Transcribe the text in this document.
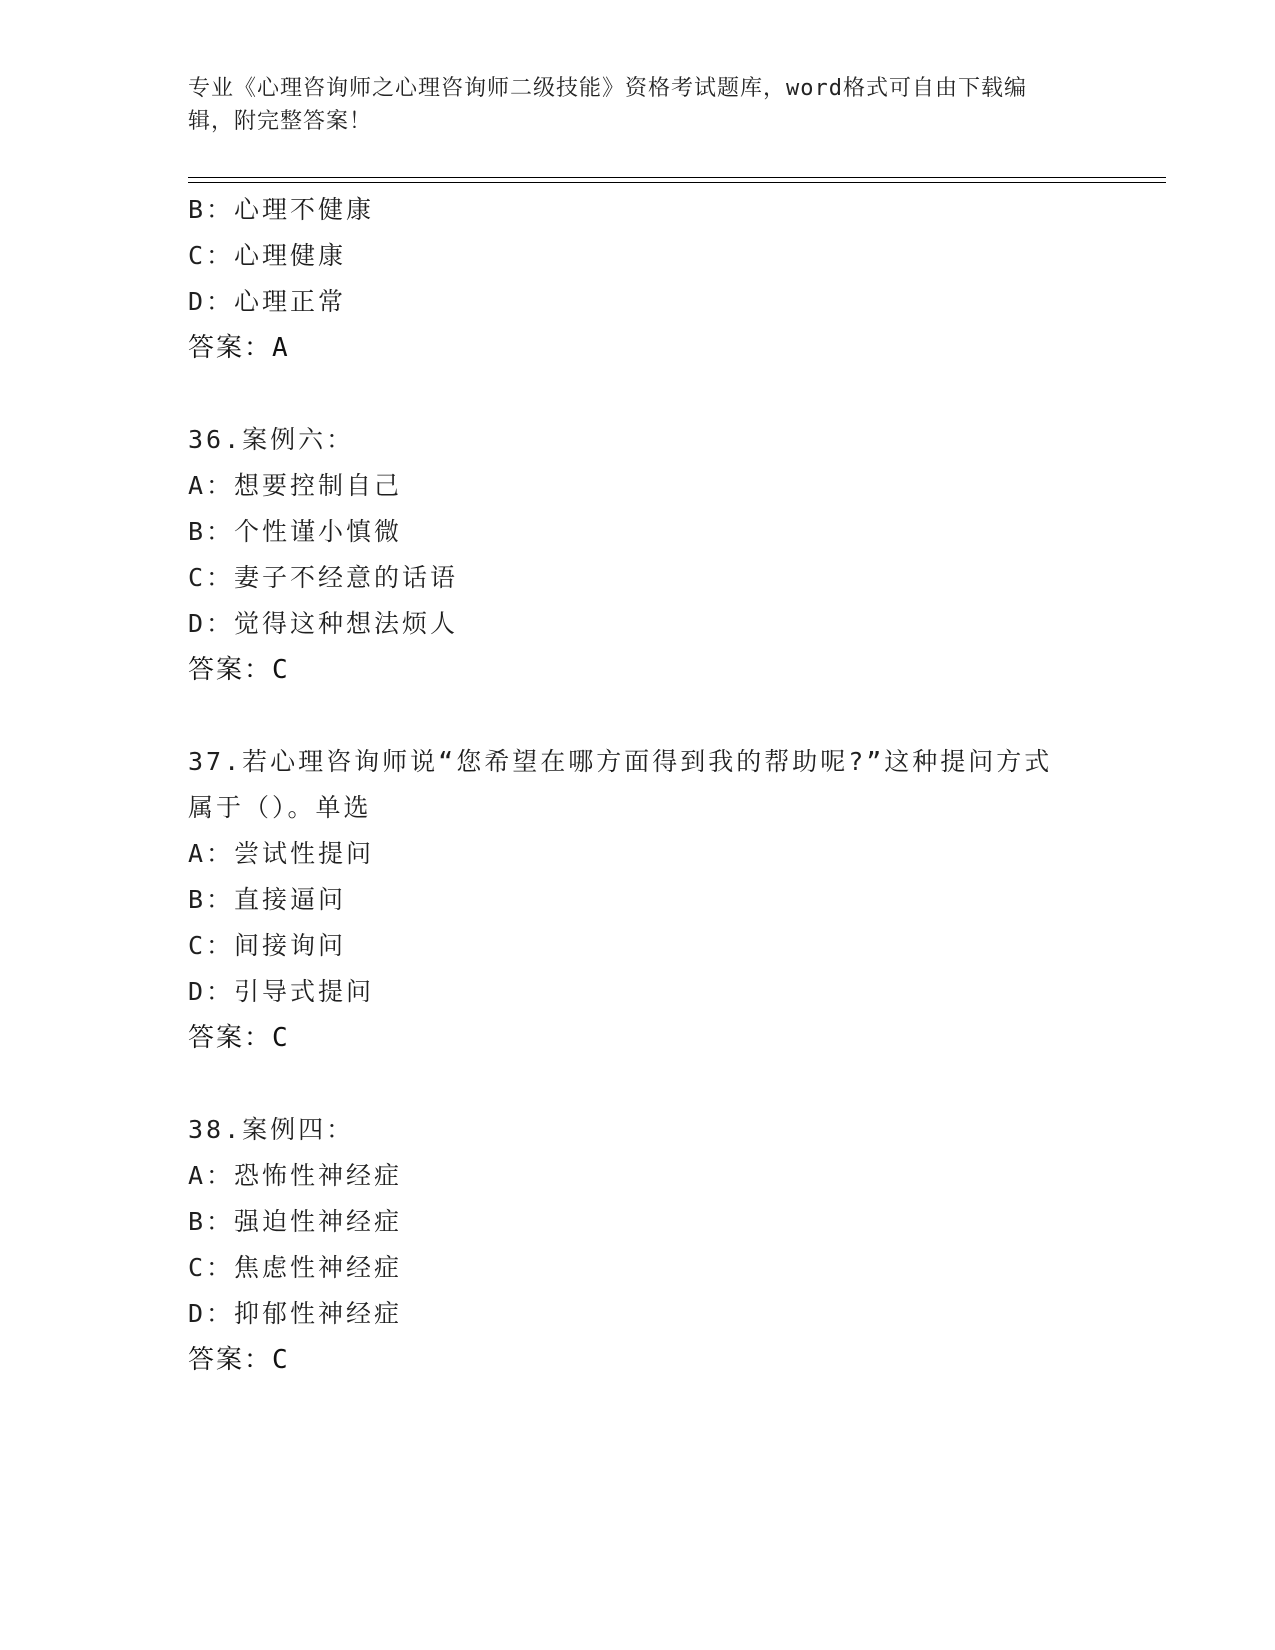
专业《心理咨询师之心理咨询师二级技能》资格考试题库，word格式可自由下载编辑，附完整答案！
B：心理不健康
C：心理健康
D：心理正常
答案：A
36.案例六：
A：想要控制自己
B：个性谨小慎微
C：妻子不经意的话语
D：觉得这种想法烦人
答案：C
37.若心理咨询师说“您希望在哪方面得到我的帮助呢?”这种提问方式属于（）。单选
A：尝试性提问
B：直接逼问
C：间接询问
D：引导式提问
答案：C
38.案例四：
A：恐怖性神经症
B：强迫性神经症
C：焦虑性神经症
D：抑郁性神经症
答案：C
